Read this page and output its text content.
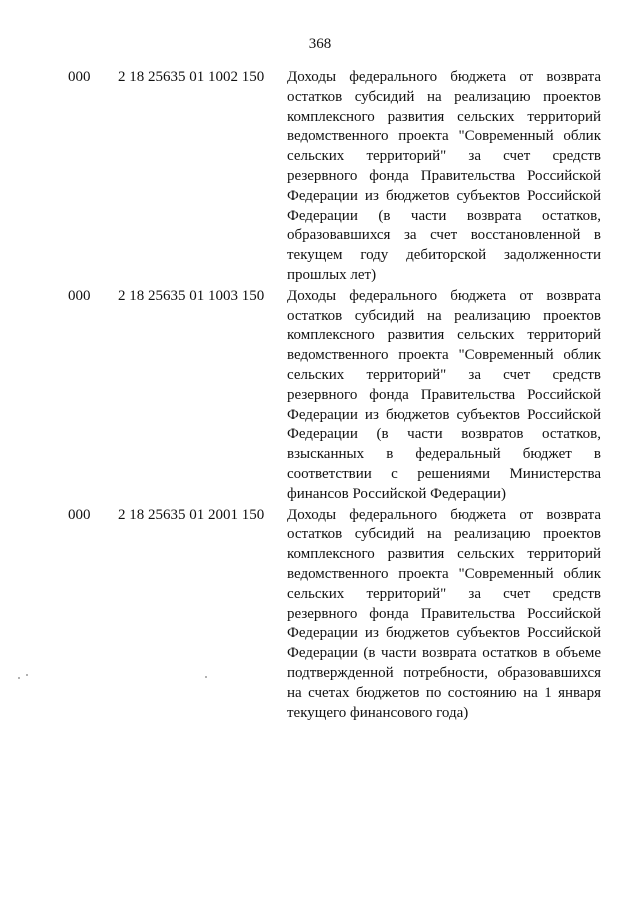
368
000 2 18 25635 01 1002 150 Доходы федерального бюджета от возврата остатков субсидий на реализацию проектов комплексного развития сельских территорий ведомственного проекта "Современный облик сельских территорий" за счет средств резервного фонда Правительства Российской Федерации из бюджетов субъектов Российской Федерации (в части возврата остатков, образовавшихся за счет восстановленной в текущем году дебиторской задолженности прошлых лет)
000 2 18 25635 01 1003 150 Доходы федерального бюджета от возврата остатков субсидий на реализацию проектов комплексного развития сельских территорий ведомственного проекта "Современный облик сельских территорий" за счет средств резервного фонда Правительства Российской Федерации из бюджетов субъектов Российской Федерации (в части возвратов остатков, взысканных в федеральный бюджет в соответствии с решениями Министерства финансов Российской Федерации)
000 2 18 25635 01 2001 150 Доходы федерального бюджета от возврата остатков субсидий на реализацию проектов комплексного развития сельских территорий ведомственного проекта "Современный облик сельских территорий" за счет средств резервного фонда Правительства Российской Федерации из бюджетов субъектов Российской Федерации (в части возврата остатков в объеме подтвержденной потребности, образовавшихся на счетах бюджетов по состоянию на 1 января текущего финансового года)
